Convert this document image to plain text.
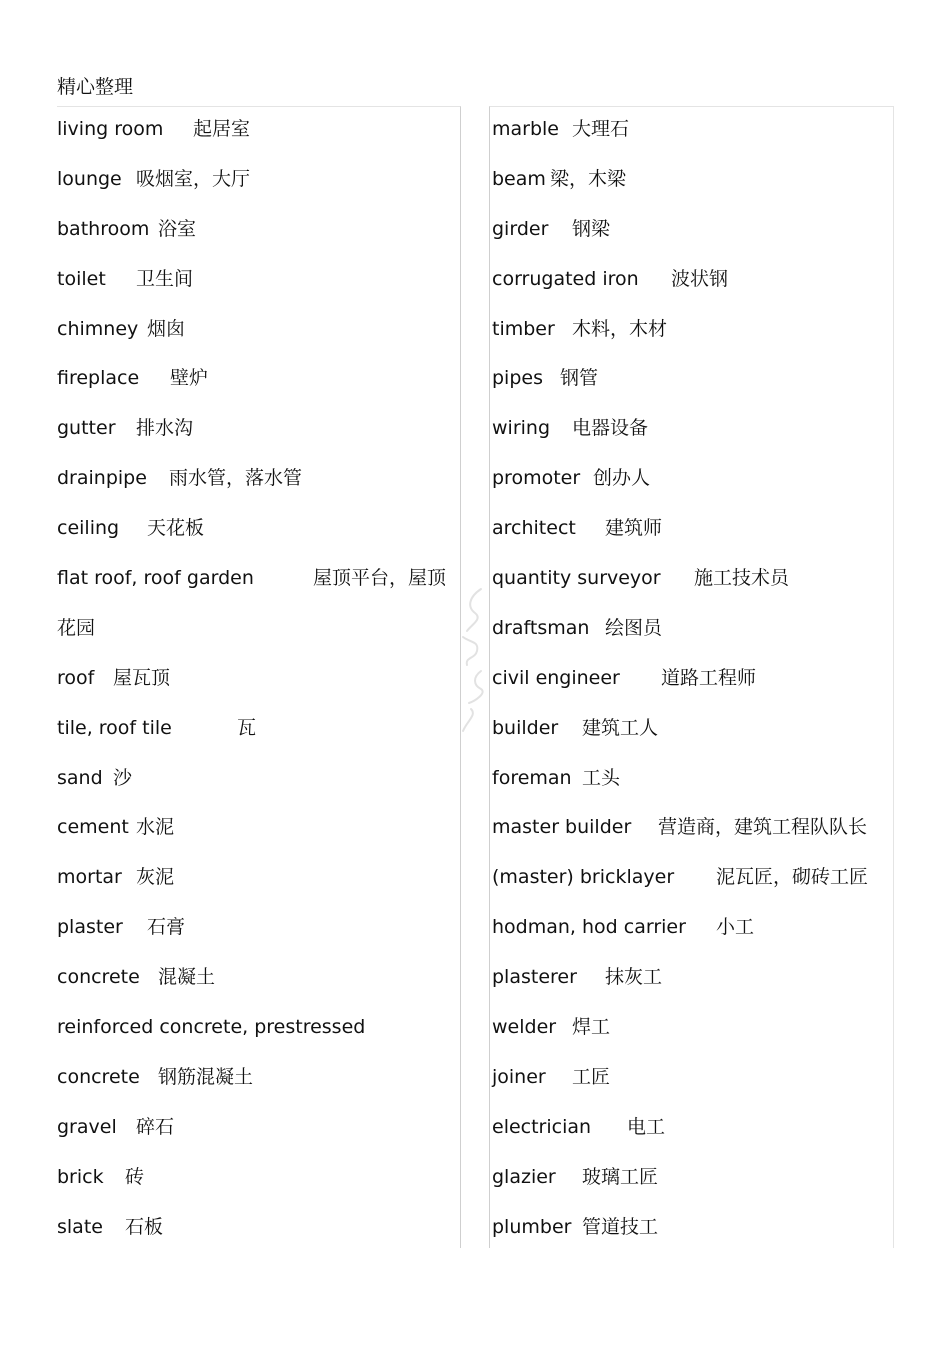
精心整理
living room 起居室
lounge 吸烟室，大厅
bathroom 浴室
toilet 卫生间
chimney 烟囱
fireplace 壁炉
gutter 排水沟
drainpipe 雨水管，落水管
ceiling 天花板
flat roof, roof garden	屋顶平台，屋顶
花园
roof 屋瓦顶
tile, roof tile	瓦
sand 沙
cement 水泥
mortar 灰泥
plaster 石膏
concrete 混凝土
reinforced concrete, prestressed
concrete 钢筋混凝土
gravel 碎石
brick 砖
slate 石板
marble 大理石
beam 梁，木梁
girder 钢梁
corrugated iron 波状钢
timber 木料，木材
pipes 钢管
wiring 电器设备
promoter 创办人
architect 建筑师
quantity surveyor 施工技术员
draftsman 绘图员
civil engineer 道路工程师
builder 建筑工人
foreman 工头
master builder 营造商，建筑工程队队长
(master) bricklayer 泥瓦匠，砌砖工匠
hodman, hod carrier 小工
plasterer 抹灰工
welder 焊工
joiner 工匠
electrician 电工
glazier 玻璃工匠
plumber 管道技工
